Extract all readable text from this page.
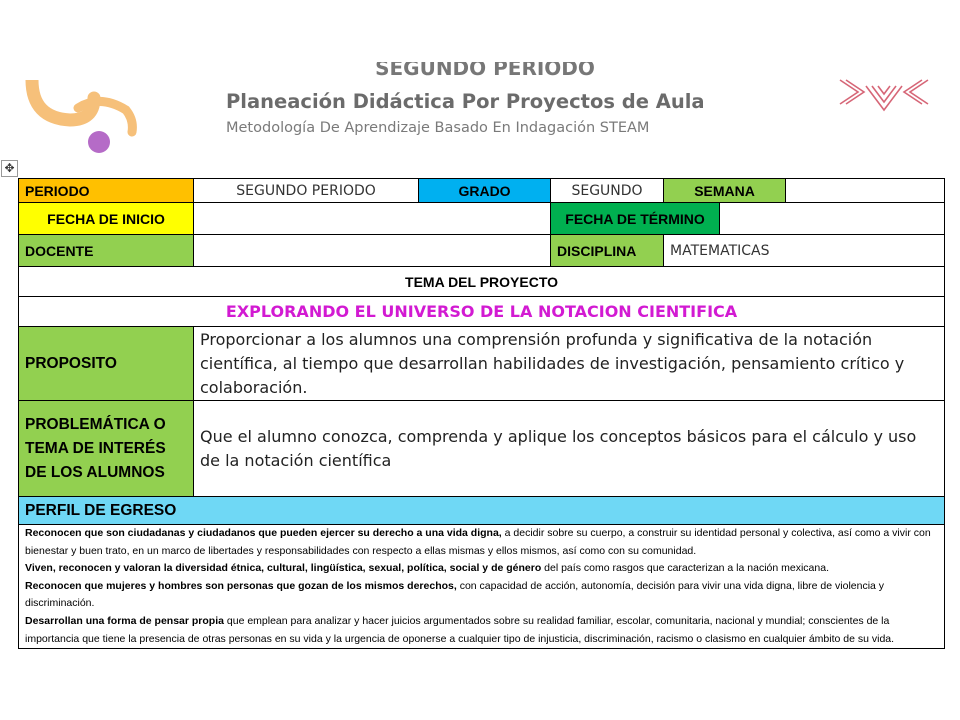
SEGUNDO PERIODO
Planeación Didáctica Por Proyectos de Aula
Metodología De Aprendizaje Basado En Indagación STEAM
✥
PERIODO	SEGUNDO PERIODO	GRADO	SEGUNDO	SEMANA		
FECHA DE INICIO			FECHA DE TÉRMINO			
DOCENTE			DISCIPLINA	MATEMATICAS		
TEMA DEL PROYECTO						
EXPLORANDO EL UNIVERSO DE LA NOTACION CIENTIFICA						
PROPOSITO	Proporcionar a los alumnos una comprensión profunda y significativa de la notación científica, al tiempo que desarrollan habilidades de investigación, pensamiento crítico y colaboración.					
PROBLEMÁTICA O TEMA DE INTERÉS DE LOS ALUMNOS	Que el alumno conozca, comprenda y aplique los conceptos básicos para el cálculo y uso de la notación científica					
PERFIL DE EGRESO						

Reconocen que son ciudadanas y ciudadanos que pueden ejercer su derecho a una vida digna, a decidir sobre su cuerpo, a construir su identidad personal y colectiva, así como a vivir con bienestar y buen trato, en un marco de libertades y responsabilidades con respecto a ellas mismas y ellos mismos, así como con su comunidad.

Viven, reconocen y valoran la diversidad étnica, cultural, lingüística, sexual, política, social y de género del país como rasgos que caracterizan a la nación mexicana.

Reconocen que mujeres y hombres son personas que gozan de los mismos derechos, con capacidad de acción, autonomía, decisión para vivir una vida digna, libre de violencia y discriminación.

Desarrollan una forma de pensar propia que emplean para analizar y hacer juicios argumentados sobre su realidad familiar, escolar, comunitaria, nacional y mundial; conscientes de la importancia que tiene la presencia de otras personas en su vida y la urgencia de oponerse a cualquier tipo de injusticia, discriminación, racismo o clasismo en cualquier ámbito de su vida.						
